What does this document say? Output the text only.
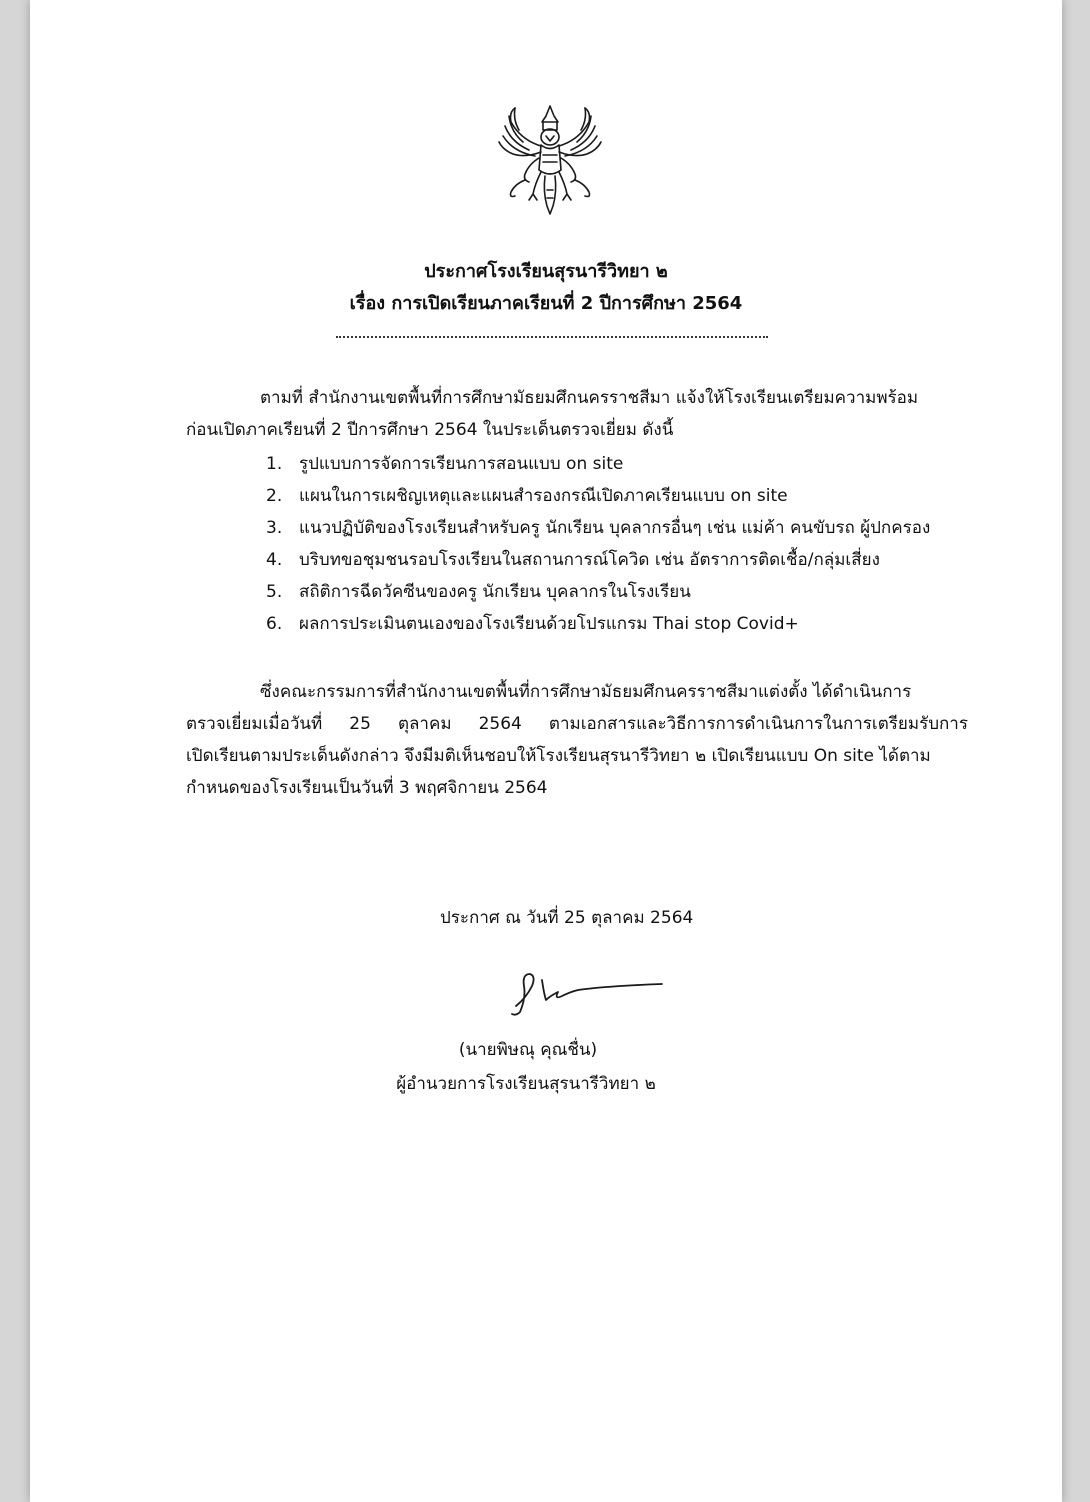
ประกาศโรงเรียนสุรนารีวิทยา ๒
เรื่อง การเปิดเรียนภาคเรียนที่ 2 ปีการศึกษา 2564
ตามที่ สำนักงานเขตพื้นที่การศึกษามัธยมศึกนครราชสีมา แจ้งให้โรงเรียนเตรียมความพร้อม
ก่อนเปิดภาคเรียนที่ 2 ปีการศึกษา 2564 ในประเด็นตรวจเยี่ยม ดังนี้
1. รูปแบบการจัดการเรียนการสอนแบบ on site
2. แผนในการเผชิญเหตุและแผนสำรองกรณีเปิดภาคเรียนแบบ on site
3. แนวปฏิบัติของโรงเรียนสำหรับครู นักเรียน บุคลากรอื่นๆ เช่น แม่ค้า คนขับรถ ผู้ปกครอง
4. บริบทขอชุมชนรอบโรงเรียนในสถานการณ์โควิด เช่น อัตราการติดเชื้อ/กลุ่มเสี่ยง
5. สถิติการฉีดวัคซีนของครู นักเรียน บุคลากรในโรงเรียน
6. ผลการประเมินตนเองของโรงเรียนด้วยโปรแกรม Thai stop Covid+
ซึ่งคณะกรรมการที่สำนักงานเขตพื้นที่การศึกษามัธยมศึกนครราชสีมาแต่งตั้ง ได้ดำเนินการ
ตรวจเยี่ยมเมื่อวันที่ 25 ตุลาคม 2564 ตามเอกสารและวิธีการการดำเนินการในการเตรียมรับการ
เปิดเรียนตามประเด็นดังกล่าว จึงมีมติเห็นชอบให้โรงเรียนสุรนารีวิทยา ๒ เปิดเรียนแบบ On site ได้ตาม
กำหนดของโรงเรียนเป็นวันที่ 3 พฤศจิกายน 2564
ประกาศ ณ วันที่ 25 ตุลาคม 2564
(นายพิษณุ คุณชื่น)
ผู้อำนวยการโรงเรียนสุรนารีวิทยา ๒
